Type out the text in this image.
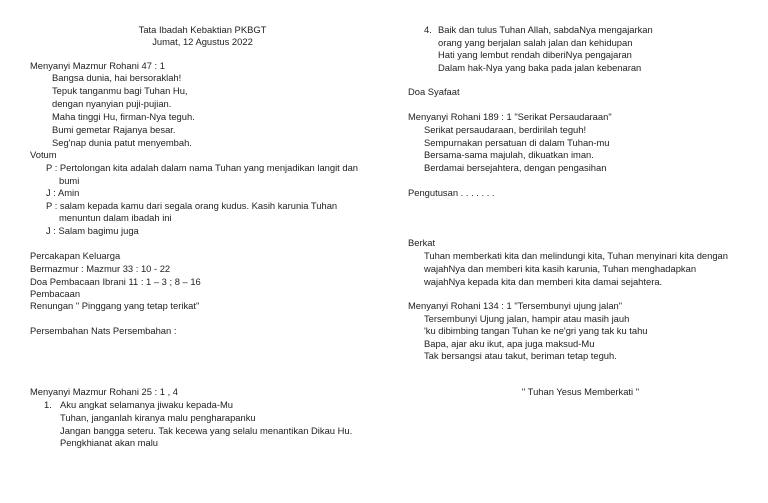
Tata Ibadah Kebaktian PKBGT
Jumat, 12 Agustus 2022
Menyanyi Mazmur Rohani 47 : 1
Bangsa dunia, hai bersoraklah!
Tepuk tanganmu bagi Tuhan Hu,
dengan nyanyian puji-pujian.
Maha tinggi Hu, firman-Nya teguh.
Bumi gemetar Rajanya besar.
Seg'nap dunia patut menyembah.
Votum
P : Pertolongan kita adalah dalam nama Tuhan yang menjadikan langit dan
bumi
J : Amin
P : salam kepada kamu dari segala orang kudus. Kasih karunia Tuhan
menuntun dalam ibadah ini
J : Salam bagimu juga
Percakapan Keluarga
Bermazmur : Mazmur 33 : 10 - 22
Doa Pembacaan Ibrani 11 : 1 – 3 ; 8 – 16
Pembacaan
Renungan " Pinggang yang tetap terikat"
Persembahan Nats Persembahan :
Menyanyi Mazmur Rohani 25 : 1 , 4
1. Aku angkat selamanya jiwaku kepada-Mu
Tuhan, janganlah kiranya malu pengharapanku
Jangan bangga seteru. Tak kecewa yang selalu menantikan Dikau Hu.
Pengkhianat akan malu
4. Baik dan tulus Tuhan Allah, sabdaNya mengajarkan
orang yang berjalan salah jalan dan kehidupan
Hati yang lembut rendah diberiNya pengajaran
Dalam hak-Nya yang baka pada jalan kebenaran
Doa Syafaat
Menyanyi Rohani 189 : 1 "Serikat Persaudaraan"
Serikat persaudaraan, berdirilah teguh!
Sempurnakan persatuan di dalam Tuhan-mu
Bersama-sama majulah, dikuatkan iman.
Berdamai bersejahtera, dengan pengasihan
Pengutusan . . . . . . .
Berkat
Tuhan memberkati kita dan melindungi kita, Tuhan menyinari kita dengan
wajahNya dan memberi kita kasih karunia, Tuhan menghadapkan
wajahNya kepada kita dan memberi kita damai sejahtera.
Menyanyi Rohani 134 : 1 "Tersembunyi ujung jalan"
Tersembunyi Ujung jalan, hampir atau masih jauh
'ku dibimbing tangan Tuhan ke ne'gri yang tak ku tahu
Bapa, ajar aku ikut, apa juga maksud-Mu
Tak bersangsi atau takut, beriman tetap teguh.
" Tuhan Yesus Memberkati "
